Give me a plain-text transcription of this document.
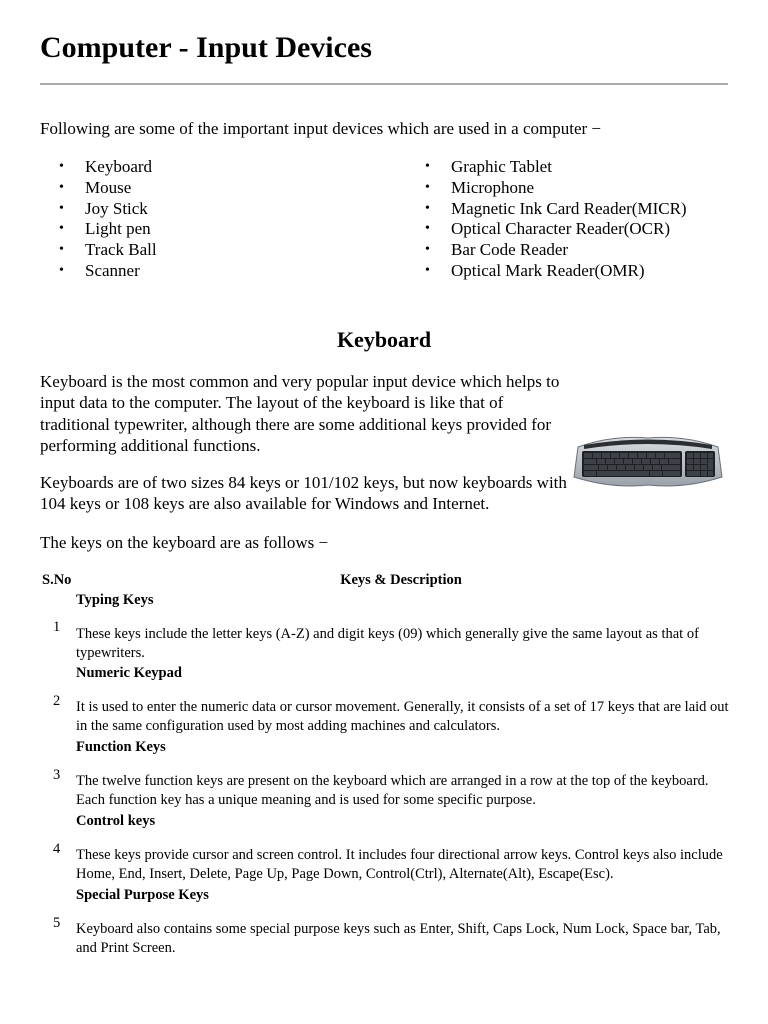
Computer - Input Devices

Following are some of the important input devices which are used in a computer −

• Keyboard
• Mouse
• Joy Stick
• Light pen
• Track Ball
• Scanner
• Graphic Tablet
• Microphone
• Magnetic Ink Card Reader(MICR)
• Optical Character Reader(OCR)
• Bar Code Reader
• Optical Mark Reader(OMR)
Keyboard

Keyboard is the most common and very popular input device which helps to input data to the computer. The layout of the keyboard is like that of traditional typewriter, although there are some additional keys provided for performing additional functions.

Keyboards are of two sizes 84 keys or 101/102 keys, but now keyboards with 104 keys or 108 keys are also available for Windows and Internet.

The keys on the keyboard are as follows −

S.No	Keys & Description
1
Typing Keys
These keys include the letter keys (A-Z) and digit keys (09) which generally give the same layout as that of typewriters.
2
Numeric Keypad
It is used to enter the numeric data or cursor movement. Generally, it consists of a set of 17 keys that are laid out in the same configuration used by most adding machines and calculators.
3
Function Keys
The twelve function keys are present on the keyboard which are arranged in a row at the top of the keyboard. Each function key has a unique meaning and is used for some specific purpose.
4
Control keys
These keys provide cursor and screen control. It includes four directional arrow keys. Control keys also include Home, End, Insert, Delete, Page Up, Page Down, Control(Ctrl), Alternate(Alt), Escape(Esc).
5
Special Purpose Keys
Keyboard also contains some special purpose keys such as Enter, Shift, Caps Lock, Num Lock, Space bar, Tab, and Print Screen.
